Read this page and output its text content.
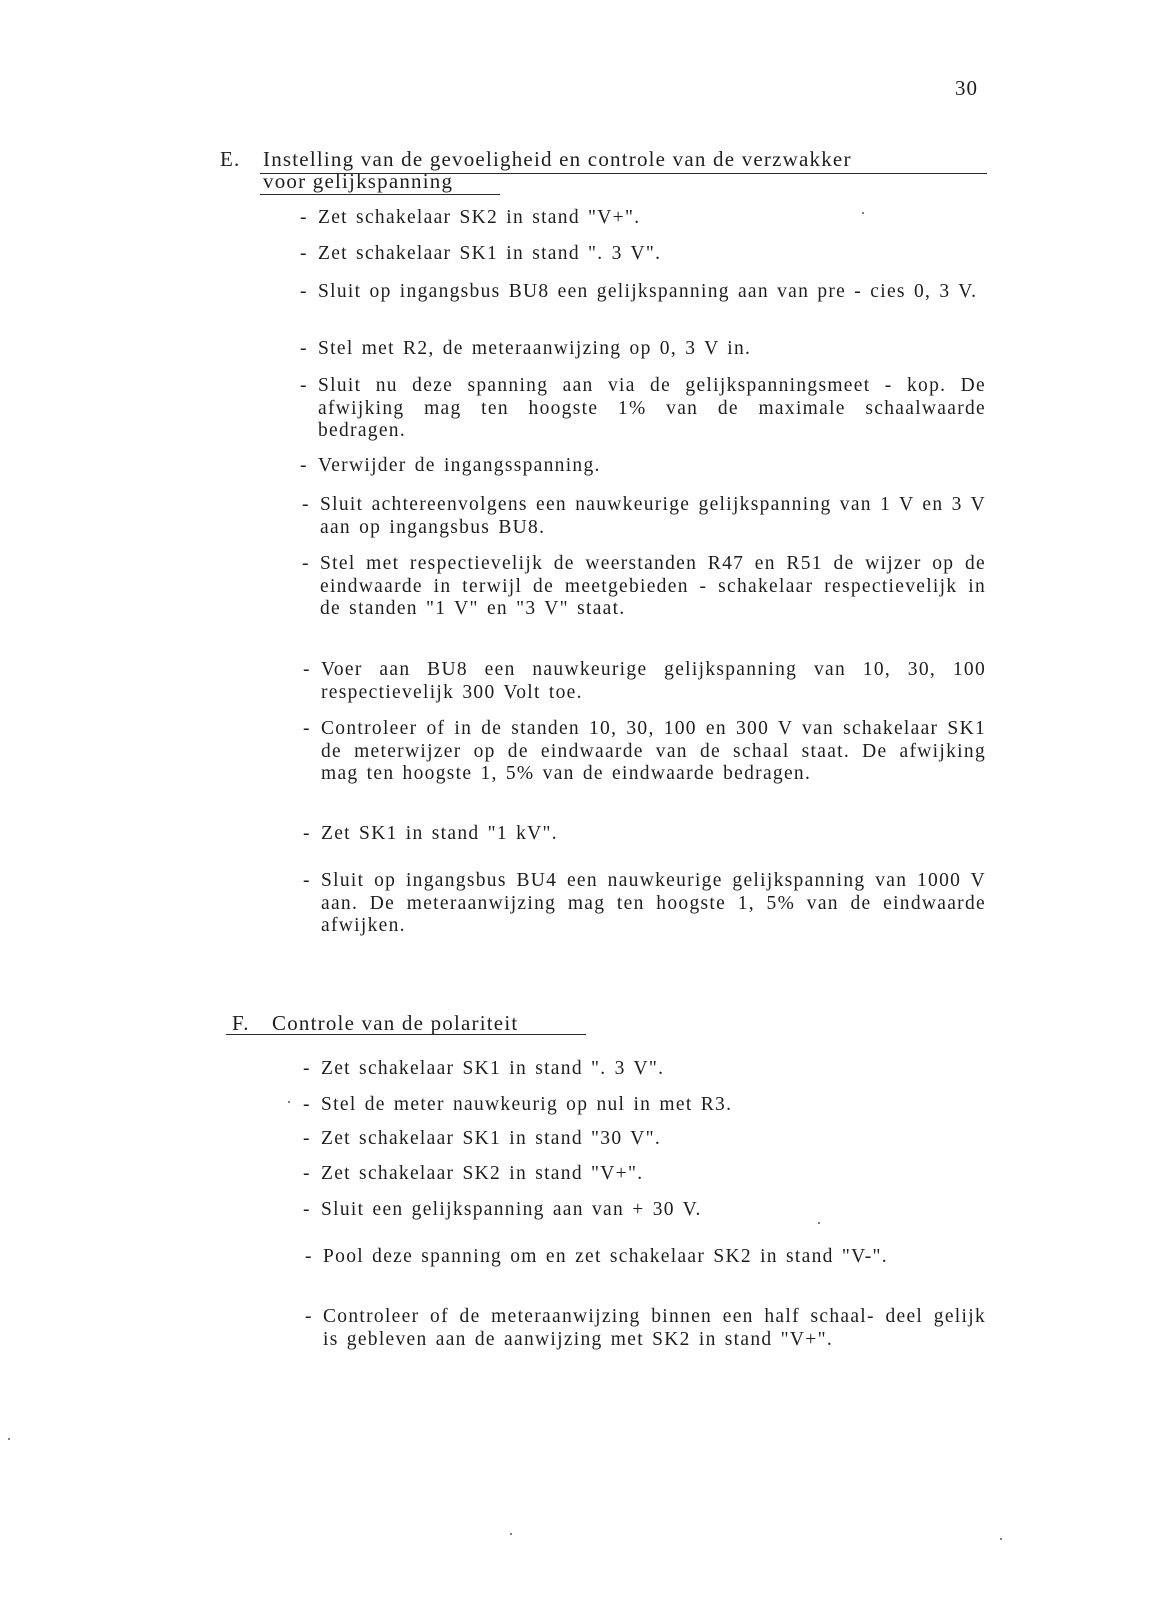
30
E. Instelling van de gevoeligheid en controle van de verzwakker
voor gelijkspanning
- Zet schakelaar SK2 in stand "V+".
- Zet schakelaar SK1 in stand ". 3 V".
- Sluit op ingangsbus BU8 een gelijkspanning aan van pre - cies 0, 3 V.
- Stel met R2, de meteraanwijzing op 0, 3 V in.
- Sluit nu deze spanning aan via de gelijkspanningsmeet - kop. De afwijking mag ten hoogste 1% van de maximale schaalwaarde bedragen.
- Verwijder de ingangsspanning.
- Sluit achtereenvolgens een nauwkeurige gelijkspanning van 1 V en 3 V aan op ingangsbus BU8.
- Stel met respectievelijk de weerstanden R47 en R51 de wijzer op de eindwaarde in terwijl de meetgebieden - schakelaar respectievelijk in de standen "1 V" en "3 V" staat.
- Voer aan BU8 een nauwkeurige gelijkspanning van 10, 30, 100 respectievelijk 300 Volt toe.
- Controleer of in de standen 10, 30, 100 en 300 V van schakelaar SK1 de meterwijzer op de eindwaarde van de schaal staat. De afwijking mag ten hoogste 1, 5% van de eindwaarde bedragen.
- Zet SK1 in stand "1 kV".
- Sluit op ingangsbus BU4 een nauwkeurige gelijkspanning van 1000 V aan. De meteraanwijzing mag ten hoogste 1, 5% van de eindwaarde afwijken.
F. Controle van de polariteit
- Zet schakelaar SK1 in stand ". 3 V".
- Stel de meter nauwkeurig op nul in met R3.
- Zet schakelaar SK1 in stand "30 V".
- Zet schakelaar SK2 in stand "V+".
- Sluit een gelijkspanning aan van + 30 V.
- Pool deze spanning om en zet schakelaar SK2 in stand "V-".
- Controleer of de meteraanwijzing binnen een half schaal- deel gelijk is gebleven aan de aanwijzing met SK2 in stand "V+".
